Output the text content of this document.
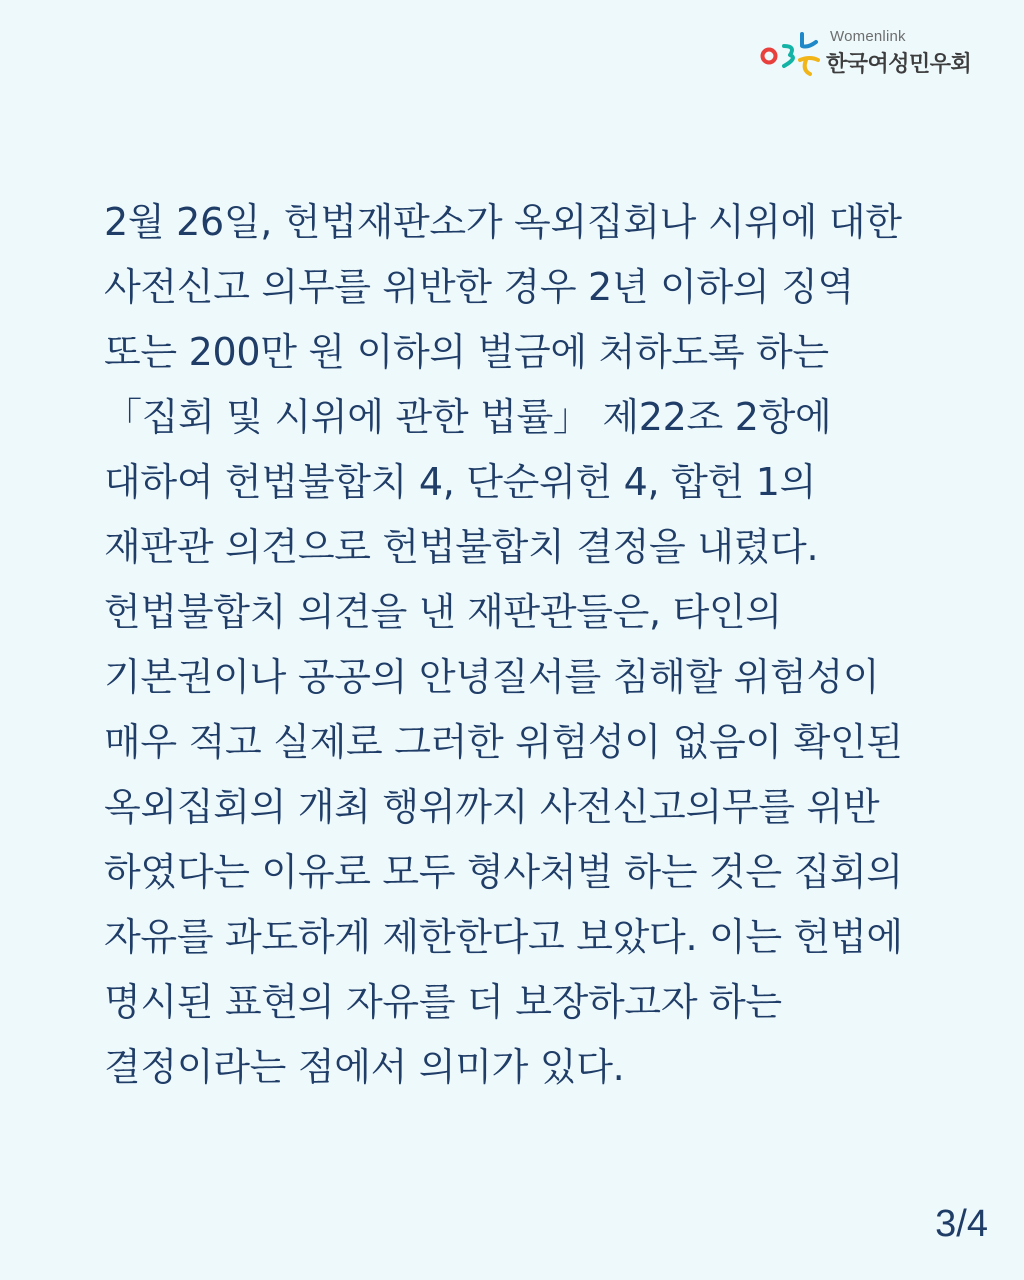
Womenlink
한국여성민우회
2월 26일, 헌법재판소가 옥외집회나 시위에 대한
사전신고 의무를 위반한 경우 2년 이하의 징역
또는 200만 원 이하의 벌금에 처하도록 하는
「집회 및 시위에 관한 법률」 제22조 2항에
대하여 헌법불합치 4, 단순위헌 4, 합헌 1의
재판관 의견으로 헌법불합치 결정을 내렸다.
헌법불합치 의견을 낸 재판관들은, 타인의
기본권이나 공공의 안녕질서를 침해할 위험성이
매우 적고 실제로 그러한 위험성이 없음이 확인된
옥외집회의 개최 행위까지 사전신고의무를 위반
하였다는 이유로 모두 형사처벌 하는 것은 집회의
자유를 과도하게 제한한다고 보았다. 이는 헌법에
명시된 표현의 자유를 더 보장하고자 하는
결정이라는 점에서 의미가 있다.
3/4
